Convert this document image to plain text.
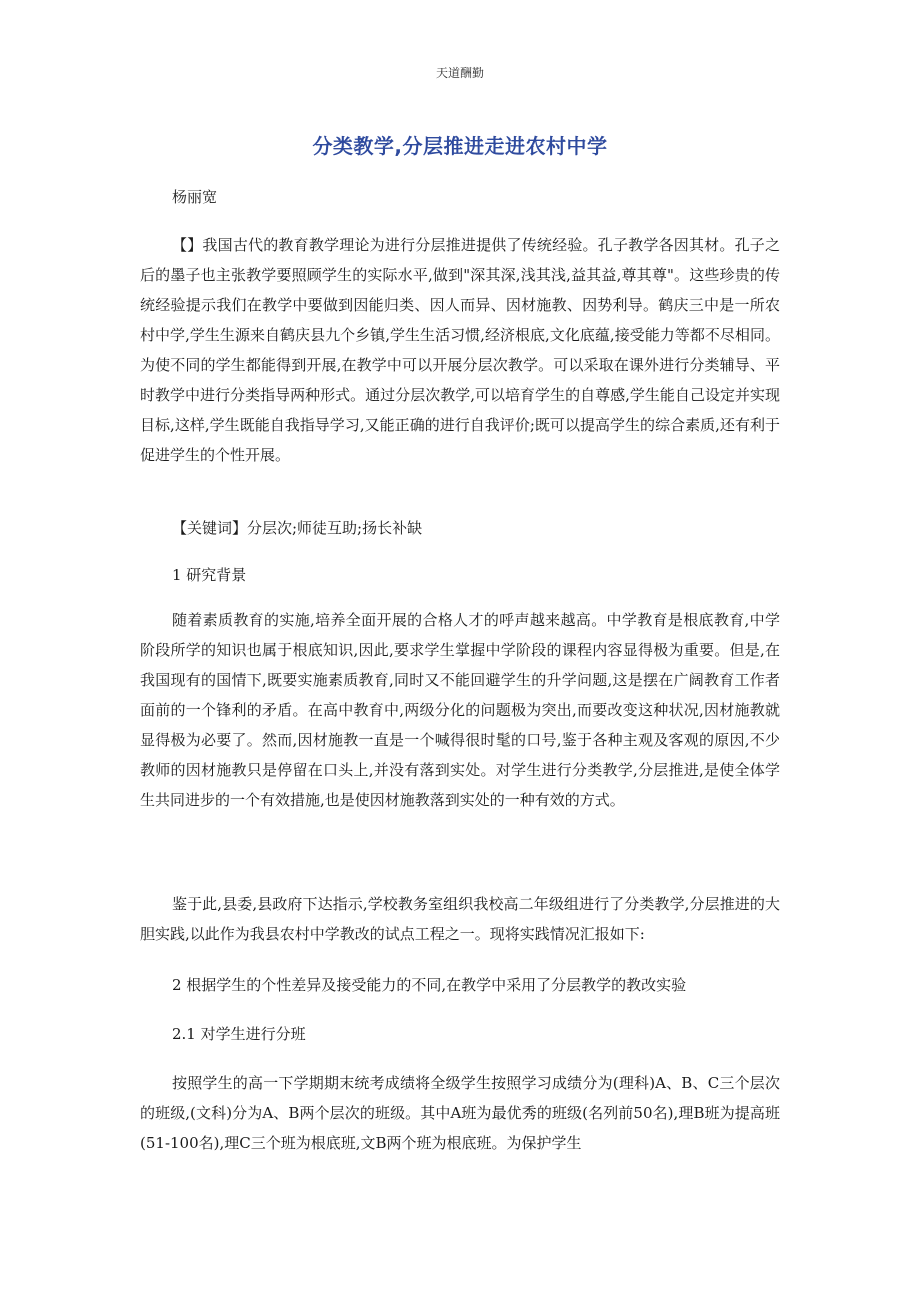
天道酬勤
分类教学,分层推进走进农村中学
杨丽宽

【】我国古代的教育教学理论为进行分层推进提供了传统经验。孔子教学各因其材。孔子之后的墨子也主张教学要照顾学生的实际水平,做到"深其深,浅其浅,益其益,尊其尊"。这些珍贵的传统经验提示我们在教学中要做到因能归类、因人而异、因材施教、因势利导。鹤庆三中是一所农村中学,学生生源来自鹤庆县九个乡镇,学生生活习惯,经济根底,文化底蕴,接受能力等都不尽相同。为使不同的学生都能得到开展,在教学中可以开展分层次教学。可以采取在课外进行分类辅导、平时教学中进行分类指导两种形式。通过分层次教学,可以培育学生的自尊感,学生能自己设定并实现目标,这样,学生既能自我指导学习,又能正确的进行自我评价;既可以提高学生的综合素质,还有利于促进学生的个性开展。

【关键词】分层次;师徒互助;扬长补缺

1 研究背景

随着素质教育的实施,培养全面开展的合格人才的呼声越来越高。中学教育是根底教育,中学阶段所学的知识也属于根底知识,因此,要求学生掌握中学阶段的课程内容显得极为重要。但是,在我国现有的国情下,既要实施素质教育,同时又不能回避学生的升学问题,这是摆在广阔教育工作者面前的一个锋利的矛盾。在高中教育中,两级分化的问题极为突出,而要改变这种状况,因材施教就显得极为必要了。然而,因材施教一直是一个喊得很时髦的口号,鉴于各种主观及客观的原因,不少教师的因材施教只是停留在口头上,并没有落到实处。对学生进行分类教学,分层推进,是使全体学生共同进步的一个有效措施,也是使因材施教落到实处的一种有效的方式。

鉴于此,县委,县政府下达指示,学校教务室组织我校高二年级组进行了分类教学,分层推进的大胆实践,以此作为我县农村中学教改的试点工程之一。现将实践情况汇报如下:

2 根据学生的个性差异及接受能力的不同,在教学中采用了分层教学的教改实验

2.1 对学生进行分班

按照学生的高一下学期期末统考成绩将全级学生按照学习成绩分为(理科)A、B、C三个层次的班级,(文科)分为A、B两个层次的班级。其中A班为最优秀的班级(名列前50名),理B班为提高班(51-100名),理C三个班为根底班,文B两个班为根底班。为保护学生
